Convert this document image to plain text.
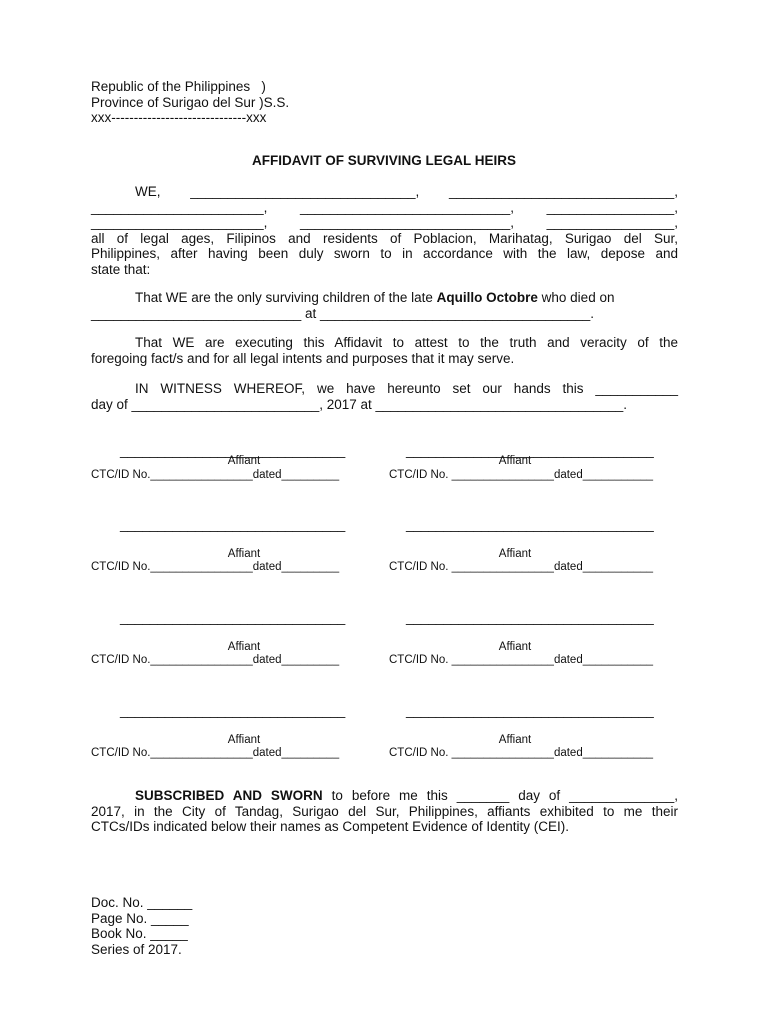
Republic of the Philippines   )
Province of Surigao del Sur )S.S.
xxx------------------------------xxx
AFFIDAVIT OF SURVIVING LEGAL HEIRS
WE, ______________________________, ______________________________,
_______________________, ____________________________, _________________,
_______________________, ____________________________, _________________,
all of legal ages, Filipinos and residents of Poblacion, Marihatag, Surigao del Sur,
Philippines, after having been duly sworn to in accordance with the law, depose and
state that:
That WE are the only surviving children of the late Aquillo Octobre who died on
____________________________ at ____________________________________.
That WE are executing this Affidavit to attest to the truth and veracity of the
foregoing fact/s and for all legal intents and purposes that it may serve.
IN WITNESS WHEREOF, we have hereunto set our hands this ___________
day of _________________________, 2017 at _________________________________.
______________________________	_________________________________
Affiant	Affiant
CTC/ID No.________________dated_________	CTC/ID No. ________________dated___________
______________________________	_________________________________
Affiant	Affiant
CTC/ID No.________________dated_________	CTC/ID No. ________________dated___________
______________________________	_________________________________
Affiant	Affiant
CTC/ID No.________________dated_________	CTC/ID No. ________________dated___________
______________________________	_________________________________
Affiant	Affiant
CTC/ID No.________________dated_________	CTC/ID No. ________________dated___________
SUBSCRIBED AND SWORN to before me this _______ day of ______________,
2017, in the City of Tandag, Surigao del Sur, Philippines, affiants exhibited to me their
CTCs/IDs indicated below their names as Competent Evidence of Identity (CEI).
Doc. No. ______
Page No. _____
Book No. _____
Series of 2017.
